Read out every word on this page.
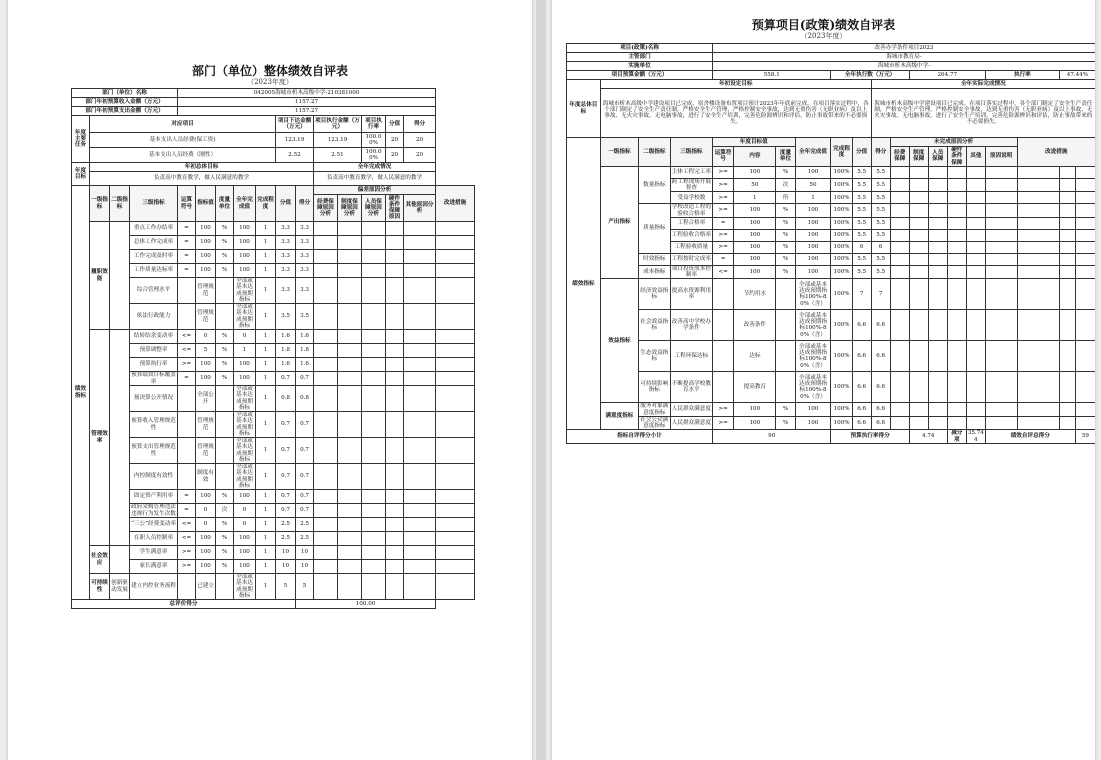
部门（单位）整体绩效自评表
（2023年度）
部门（单位）名称				042005海城市析木高级中学-210381000												
部门年初预算收入金额（万元）				1157.27												
部门年初预算支出金额（万元）				1157.27												
年度主要任务	对应项目								项目下达金额（万元）		项目执行金额（万元）		项目执行率	分值	得分	
	基本支出人员经费(保工资)								123.19		123.19		100.00%	20	20	
	基本支出人员经费（刚性）								2.52		2.51		100.00%	20	20	
年度目标	年初总体目标										全年完成情况					
	负责高中教育教学，做人民满意的教学										负责高中教育教学，做人民满意的教学					
绩效指标	一级指标	二级指标	三级指标	运算符号	指标值	度量单位	全年完成值	完成程度	分值	得分	偏差原因分析					改进措施
											经费保障原因分析	制度保障原因分析	人员保障原因分析	硬件条件保障原因	其他原因分析	
	履职效能		重点工作办结率	=	100	%	100	1	3.3	3.3						
			总体工作完成率	=	100	%	100	1	3.3	3.3						
			工作完成及时率	=	100	%	100	1	3.3	3.3						
			工作质量达标率	=	100	%	100	1	3.3	3.3						
			综合管理水平		管理规范		全部或基本达成预期指标	1	3.3	3.3						
			依法行政能力		管理规范		全部或基本达成预期指标	1	3.5	3.5						
	管理效率		结转结余变动率	<=	0	%	0	1	1.6	1.6						
			预算调整率	<=	5	%	1	1	1.8	1.8						
			预算执行率	>=	100	%	100	1	1.6	1.6						
			预算绩效目标覆盖率	=	100	%	100	1	0.7	0.7						
			预决算公开情况		全部公开		全部或基本达成预期指标	1	0.8	0.8						
			预算收入管理规范性		管理规范		全部或基本达成预期指标	1	0.7	0.7						
			预算支出管理规范性		管理规范		全部或基本达成预期指标	1	0.7	0.7						
			内控制度有效性		制度有效		全部或基本达成预期指标	1	0.7	0.7						
			固定资产利用率	=	100	%	100	1	0.7	0.7						
			政府采购管理违法违规行为发生次数	=	0	次	0	1	0.7	0.7						
			“三公”经费变动率	<=	0	%	0	1	2.5	2.5						
			在职人员控制率	<=	100	%	100	1	2.5	2.5						
	社会效应		学生满意率	>=	100	%	100	1	10	10						
			家长满意率	>=	100	%	100	1	10	10						
	可持续性	创新驱动发展	建立内控业务流程		已建立		全部或基本达成预期指标	1	5	5						
总评价得分										100.00						
预算项目(政策)绩效自评表
（2023年度）
项目(政策)名称				改善办学条件项目2023															
主管部门				海城市教育局-															
实施单位				海城市析木高级中学-															
项目预算金额（万元）				558.1				全年执行数（万元）				264.77				执行率		47.44%	
年度总体目标	年初设定目标									全年实际完成情况									
	海城市析木高级中学建设项目已完成，宿舍楼设备布置项目预计2023年年底前完成。在项目落实过程中，各个部门制定了安全生产责任制，严格安全生产管理，严格控制安全事故，达到无重伤害（无职业病）及以上事故、无火灾事故、无电脑事故，进行了安全生产培训，完善危险源辨识和评估，防止事故带来的不必要损失。									海城市析木高级中学建设项目已完成。在项目落实过程中，各个部门制定了安全生产责任制，严格安全生产管理，严格控制安全事故，达到无重伤害（无职业病）及以上事故、无火灾事故、无电脑事故，进行了安全生产培训，完善危险源辨识和评估，防止事故带来的不必要损失。									
绩效指标	一级指标	二级指标	三级指标	年度目标值			全年完成值	完成程度	分值	得分	未完成原因分析						改进措施		
				运算符号	内容	度量单位					经费保障	制度保障	人员保障	硬件条件保障	其他	原因说明			
	产出指标	数量指标	主体工程完工率	>=	100	%	100	100%	5.5	5.5									
			跨工程现场开展督查	>=	50	次	50	100%	5.5	5.5									
			受益学校数	>=	1	所	1	100%	5.5	5.5									
		质量指标	学校改造工程的验收合格率	>=	100	%	100	100%	5.5	5.5									
			工程合格率	=	100	%	100	100%	5.5	5.5									
			工程验收合格率	>=	100	%	100	100%	5.5	5.5									
			工程验收质量	>=	100	%	100	100%	6	6									
		时效指标	工程按时完成率	=	100	%	100	100%	5.5	5.5									
		成本指标	项目投资成本控制率	<=	100	%	100	100%	5.5	5.5									
	效益指标	经济效益指标	提高水资源利用率		节约用水		全部或基本达成预期指标100%-80%（含）	100%	7	7									
		社会效益指标	改善高中学校办学条件		改善条件		全部或基本达成预期指标100%-80%（含）	100%	6.6	6.6									
		生态效益指标	工程环保达标		达标		全部或基本达成预期指标100%-80%（含）	100%	6.6	6.6									
		可持续影响指标	不断提高学校教育水平		提高教育		全部或基本达成预期指标100%-80%（含）	100%	6.6	6.6									
	满意度指标	服务对象满意度指标	人民群众满意度	>=	100	%	100	100%	6.6	6.6									
		社会公众满意度指标	人民群众满意度	>=	100	%	100	100%	6.6	6.6									
指标自评得分小计				90				预算执行率得分				4.74		减分项	35.744	绩效自评总得分			59
